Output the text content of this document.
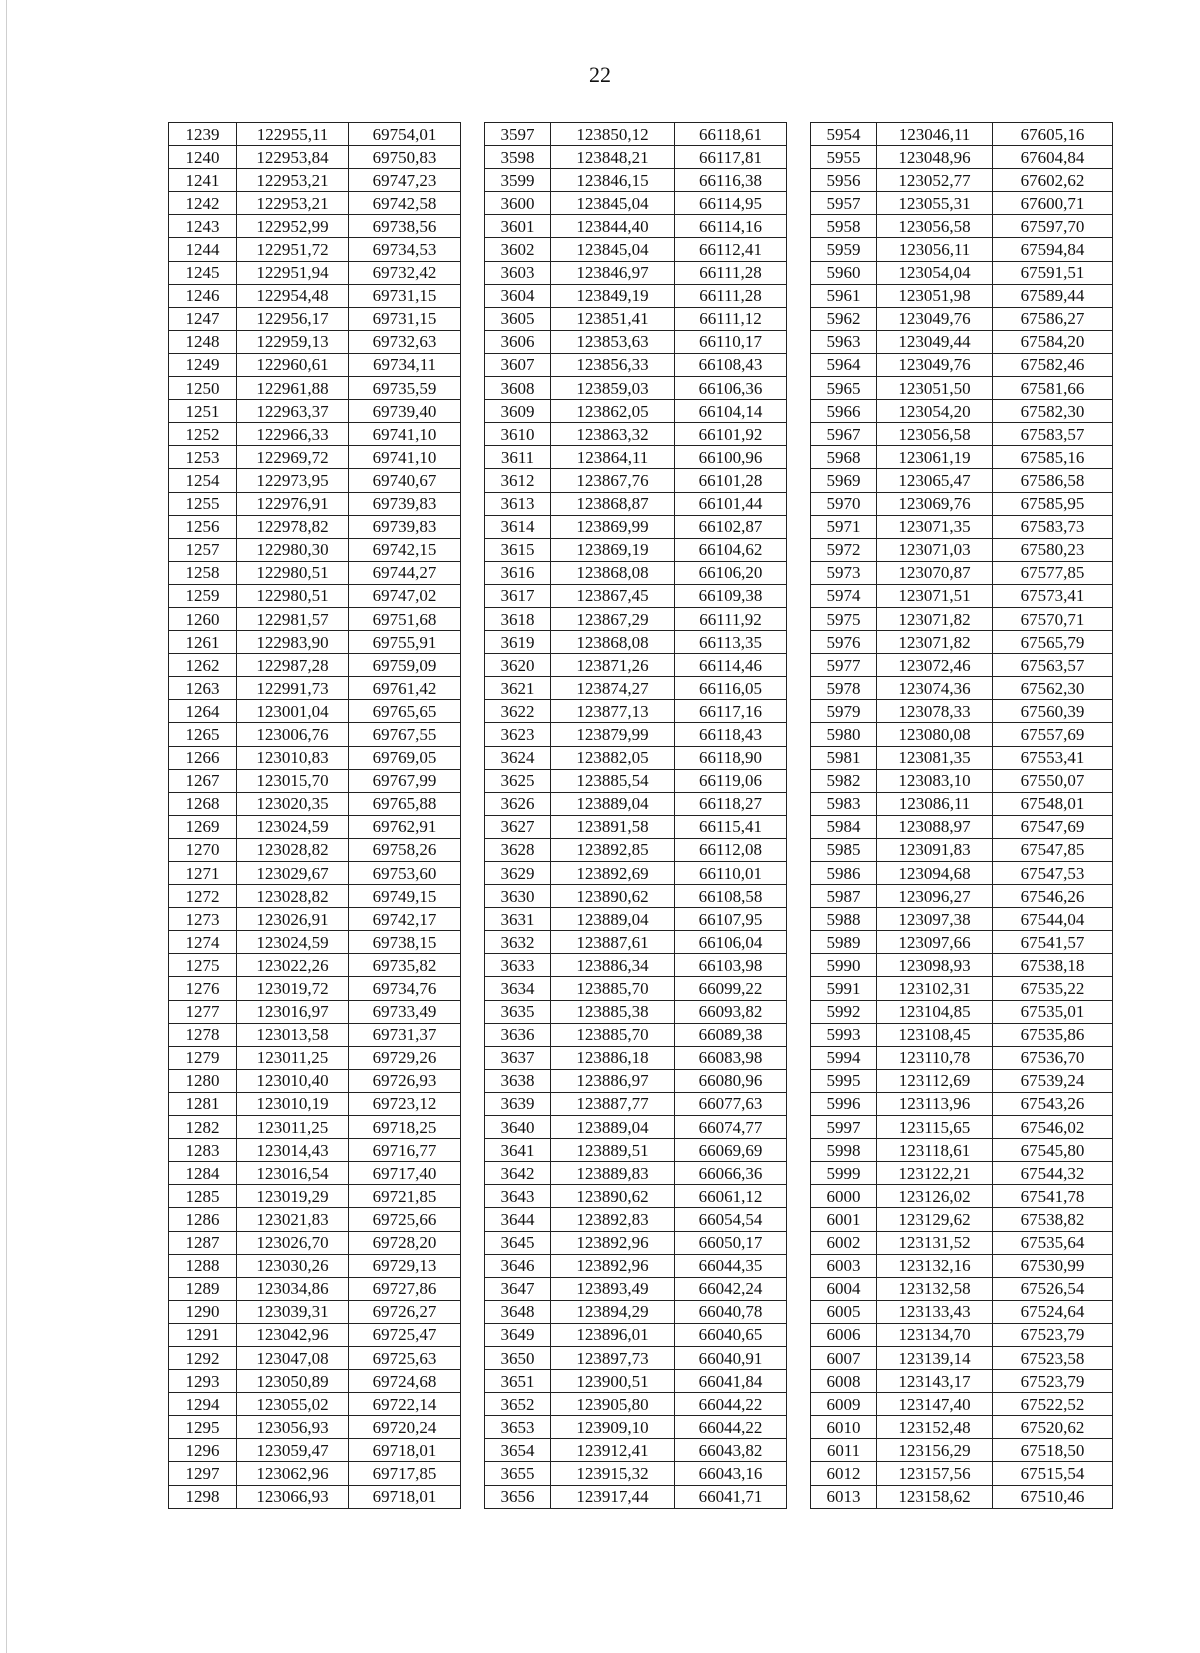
22
1239	122955,11	69754,01		3597	123850,12	66118,61		5954	123046,11	67605,16
1240	122953,84	69750,83		3598	123848,21	66117,81		5955	123048,96	67604,84
1241	122953,21	69747,23		3599	123846,15	66116,38		5956	123052,77	67602,62
1242	122953,21	69742,58		3600	123845,04	66114,95		5957	123055,31	67600,71
1243	122952,99	69738,56		3601	123844,40	66114,16		5958	123056,58	67597,70
1244	122951,72	69734,53		3602	123845,04	66112,41		5959	123056,11	67594,84
1245	122951,94	69732,42		3603	123846,97	66111,28		5960	123054,04	67591,51
1246	122954,48	69731,15		3604	123849,19	66111,28		5961	123051,98	67589,44
1247	122956,17	69731,15		3605	123851,41	66111,12		5962	123049,76	67586,27
1248	122959,13	69732,63		3606	123853,63	66110,17		5963	123049,44	67584,20
1249	122960,61	69734,11		3607	123856,33	66108,43		5964	123049,76	67582,46
1250	122961,88	69735,59		3608	123859,03	66106,36		5965	123051,50	67581,66
1251	122963,37	69739,40		3609	123862,05	66104,14		5966	123054,20	67582,30
1252	122966,33	69741,10		3610	123863,32	66101,92		5967	123056,58	67583,57
1253	122969,72	69741,10		3611	123864,11	66100,96		5968	123061,19	67585,16
1254	122973,95	69740,67		3612	123867,76	66101,28		5969	123065,47	67586,58
1255	122976,91	69739,83		3613	123868,87	66101,44		5970	123069,76	67585,95
1256	122978,82	69739,83		3614	123869,99	66102,87		5971	123071,35	67583,73
1257	122980,30	69742,15		3615	123869,19	66104,62		5972	123071,03	67580,23
1258	122980,51	69744,27		3616	123868,08	66106,20		5973	123070,87	67577,85
1259	122980,51	69747,02		3617	123867,45	66109,38		5974	123071,51	67573,41
1260	122981,57	69751,68		3618	123867,29	66111,92		5975	123071,82	67570,71
1261	122983,90	69755,91		3619	123868,08	66113,35		5976	123071,82	67565,79
1262	122987,28	69759,09		3620	123871,26	66114,46		5977	123072,46	67563,57
1263	122991,73	69761,42		3621	123874,27	66116,05		5978	123074,36	67562,30
1264	123001,04	69765,65		3622	123877,13	66117,16		5979	123078,33	67560,39
1265	123006,76	69767,55		3623	123879,99	66118,43		5980	123080,08	67557,69
1266	123010,83	69769,05		3624	123882,05	66118,90		5981	123081,35	67553,41
1267	123015,70	69767,99		3625	123885,54	66119,06		5982	123083,10	67550,07
1268	123020,35	69765,88		3626	123889,04	66118,27		5983	123086,11	67548,01
1269	123024,59	69762,91		3627	123891,58	66115,41		5984	123088,97	67547,69
1270	123028,82	69758,26		3628	123892,85	66112,08		5985	123091,83	67547,85
1271	123029,67	69753,60		3629	123892,69	66110,01		5986	123094,68	67547,53
1272	123028,82	69749,15		3630	123890,62	66108,58		5987	123096,27	67546,26
1273	123026,91	69742,17		3631	123889,04	66107,95		5988	123097,38	67544,04
1274	123024,59	69738,15		3632	123887,61	66106,04		5989	123097,66	67541,57
1275	123022,26	69735,82		3633	123886,34	66103,98		5990	123098,93	67538,18
1276	123019,72	69734,76		3634	123885,70	66099,22		5991	123102,31	67535,22
1277	123016,97	69733,49		3635	123885,38	66093,82		5992	123104,85	67535,01
1278	123013,58	69731,37		3636	123885,70	66089,38		5993	123108,45	67535,86
1279	123011,25	69729,26		3637	123886,18	66083,98		5994	123110,78	67536,70
1280	123010,40	69726,93		3638	123886,97	66080,96		5995	123112,69	67539,24
1281	123010,19	69723,12		3639	123887,77	66077,63		5996	123113,96	67543,26
1282	123011,25	69718,25		3640	123889,04	66074,77		5997	123115,65	67546,02
1283	123014,43	69716,77		3641	123889,51	66069,69		5998	123118,61	67545,80
1284	123016,54	69717,40		3642	123889,83	66066,36		5999	123122,21	67544,32
1285	123019,29	69721,85		3643	123890,62	66061,12		6000	123126,02	67541,78
1286	123021,83	69725,66		3644	123892,83	66054,54		6001	123129,62	67538,82
1287	123026,70	69728,20		3645	123892,96	66050,17		6002	123131,52	67535,64
1288	123030,26	69729,13		3646	123892,96	66044,35		6003	123132,16	67530,99
1289	123034,86	69727,86		3647	123893,49	66042,24		6004	123132,58	67526,54
1290	123039,31	69726,27		3648	123894,29	66040,78		6005	123133,43	67524,64
1291	123042,96	69725,47		3649	123896,01	66040,65		6006	123134,70	67523,79
1292	123047,08	69725,63		3650	123897,73	66040,91		6007	123139,14	67523,58
1293	123050,89	69724,68		3651	123900,51	66041,84		6008	123143,17	67523,79
1294	123055,02	69722,14		3652	123905,80	66044,22		6009	123147,40	67522,52
1295	123056,93	69720,24		3653	123909,10	66044,22		6010	123152,48	67520,62
1296	123059,47	69718,01		3654	123912,41	66043,82		6011	123156,29	67518,50
1297	123062,96	69717,85		3655	123915,32	66043,16		6012	123157,56	67515,54
1298	123066,93	69718,01		3656	123917,44	66041,71		6013	123158,62	67510,46
